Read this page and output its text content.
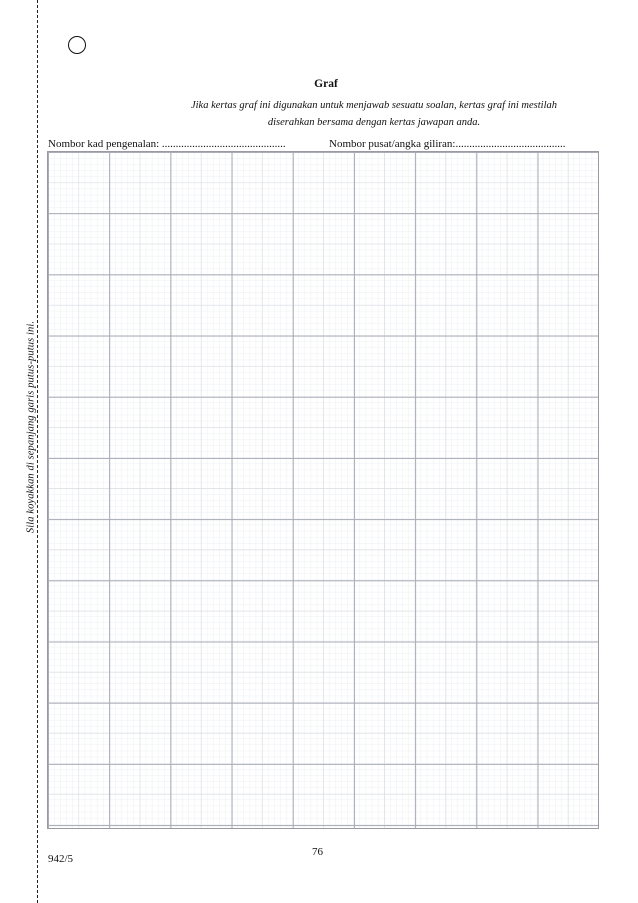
Sila koyakkan di sepanjang garis putus-putus ini.
Graf
Jika kertas graf ini digunakan untuk menjawab sesuatu soalan, kertas graf ini mestilah
diserahkan bersama dengan kertas jawapan anda.
Nombor kad pengenalan: .............................................	Nombor pusat/angka giliran:........................................
942/5
76
